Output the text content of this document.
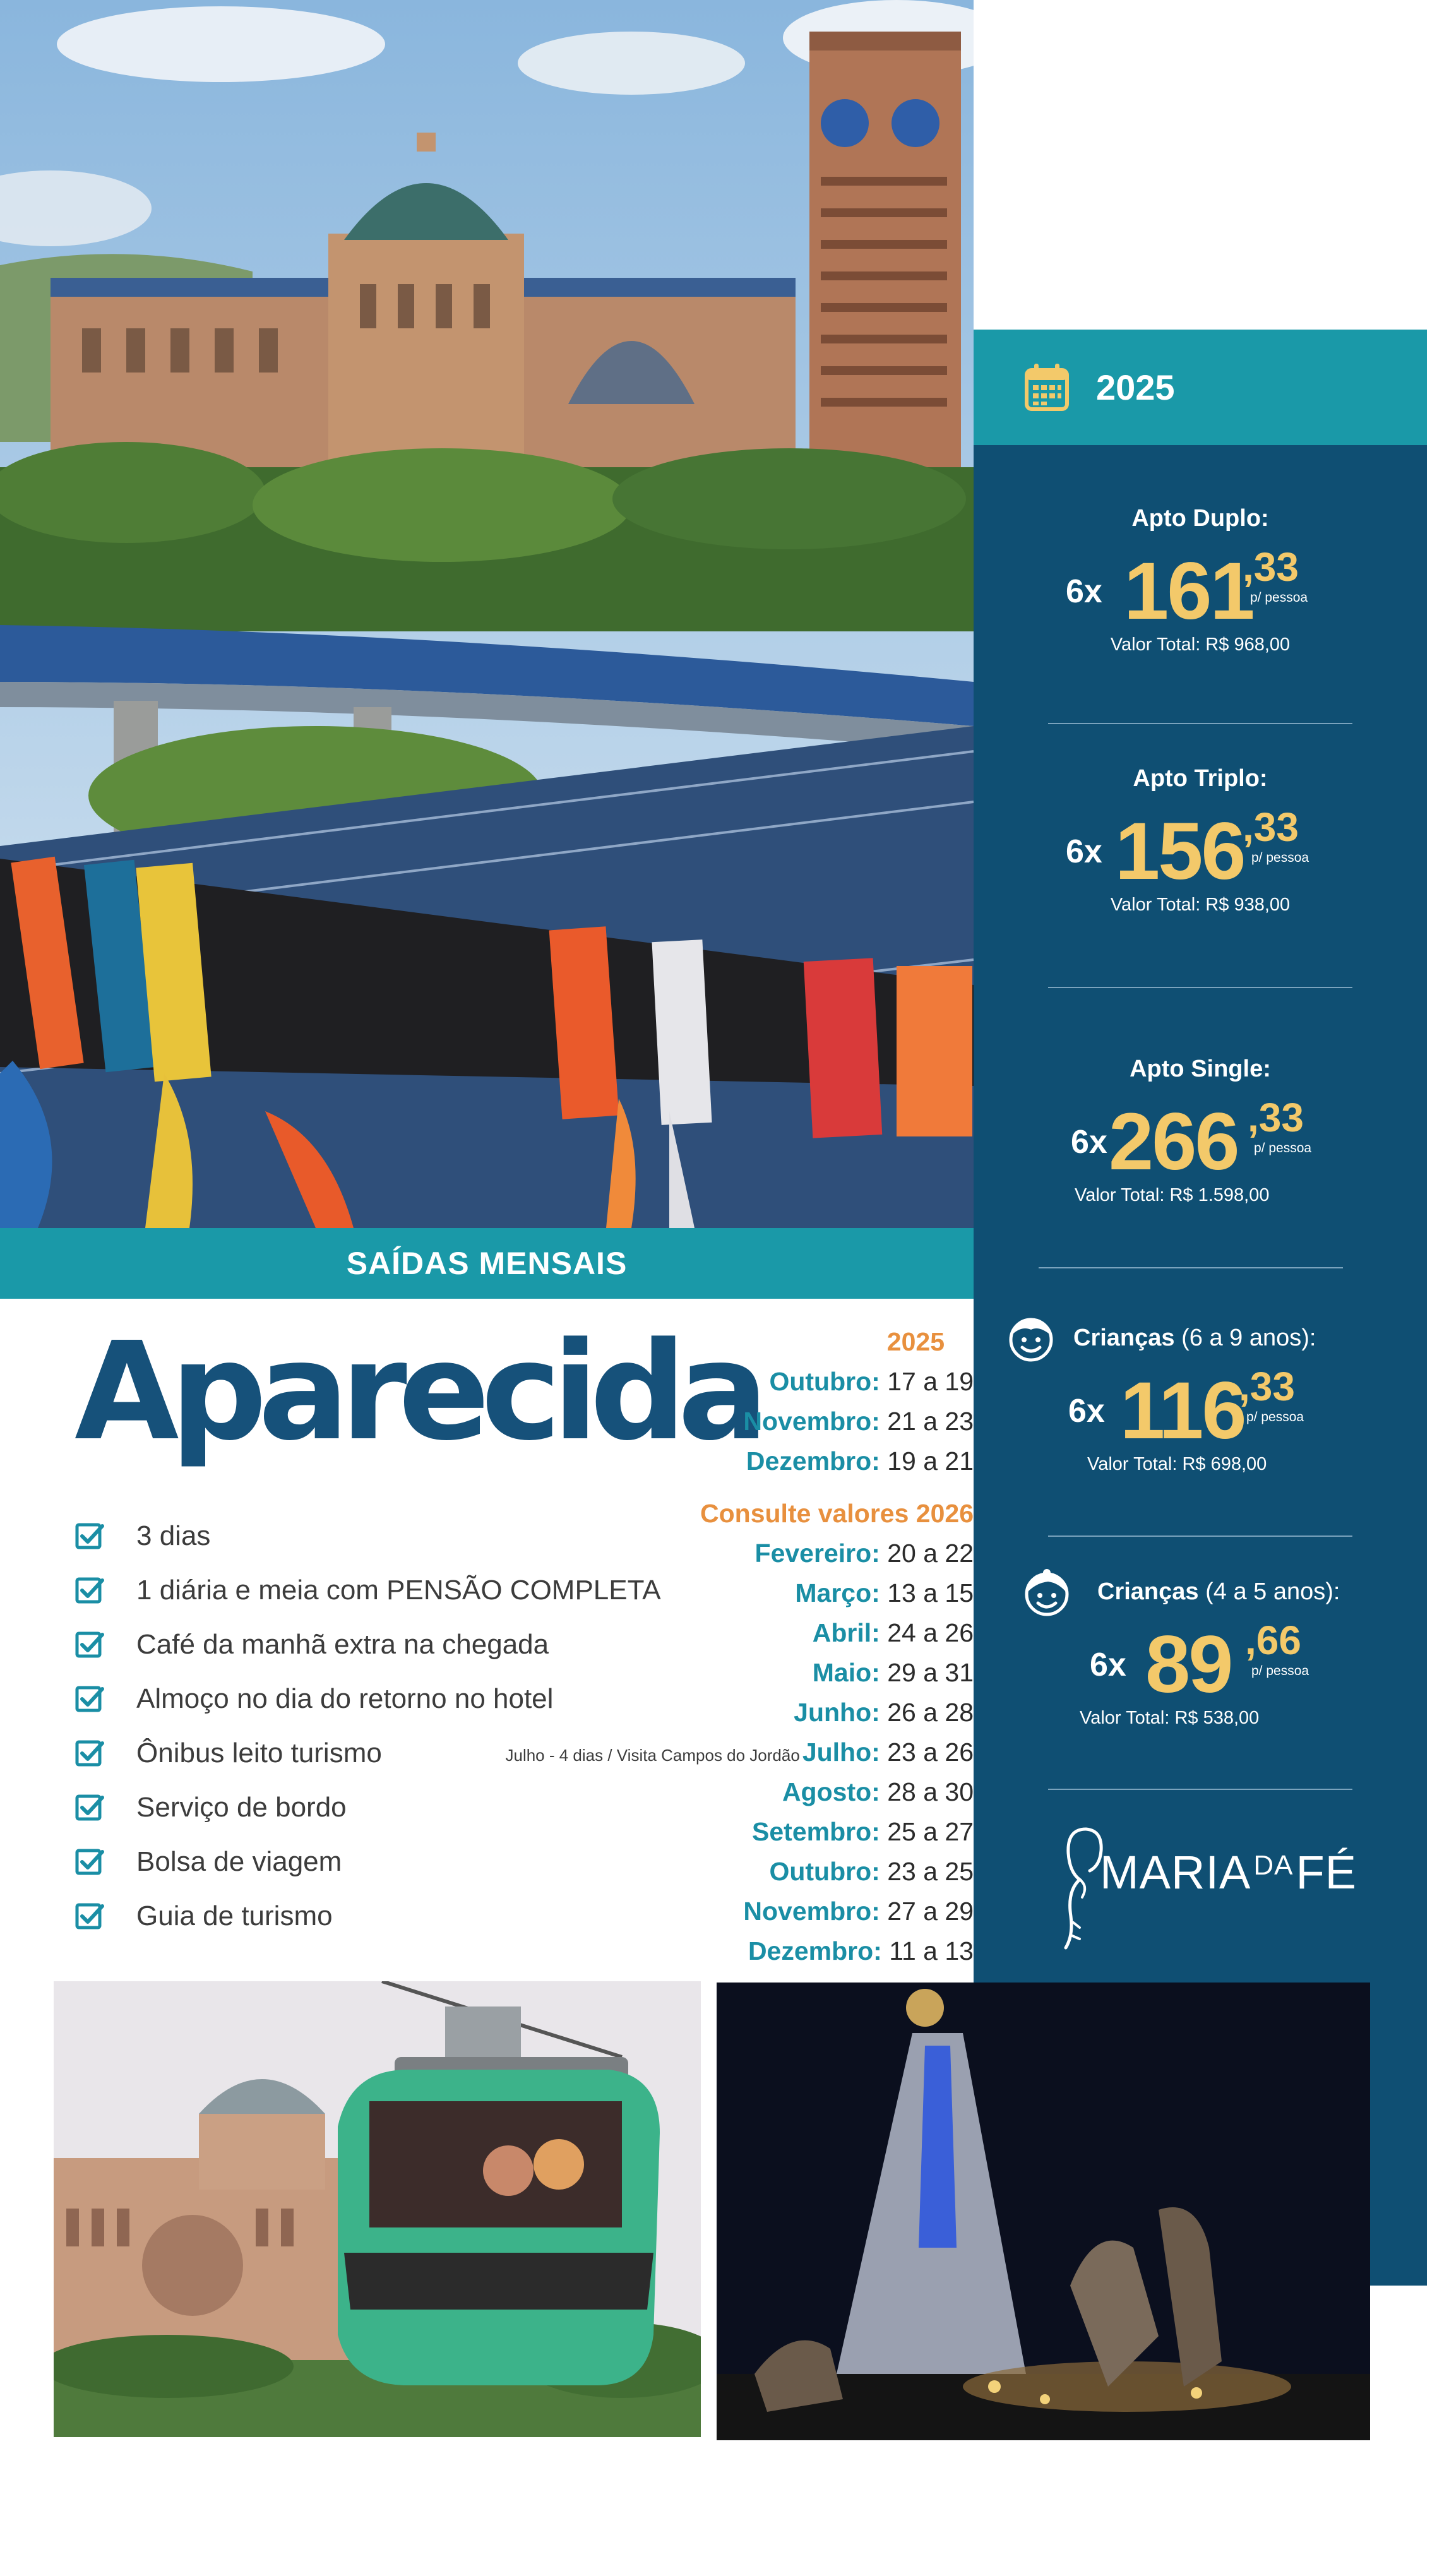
2025
Apto Duplo:
6x 161
,33
p/ pessoa
Valor Total: R$ 968,00
Apto Triplo:
6x 156
,33
p/ pessoa
Valor Total: R$ 938,00
Apto Single:
6x 266 ,33
p/ pessoa
Valor Total: R$ 1.598,00
Crianças (6 a 9 anos):
6x 116
,33
p/ pessoa
Valor Total: R$ 698,00
Crianças (4 a 5 anos):
6x 89 ,66
p/ pessoa
Valor Total: R$ 538,00
$MARIA^{DA}FÉ$
SAÍDAS MENSAIS
Aparecida
3 dias
1 diária e meia com PENSÃO COMPLETA
Café da manhã extra na chegada
Almoço no dia do retorno no hotel
Ônibus leito turismo
Serviço de bordo
Bolsa de viagem
Guia de turismo
2025
Outubro: 17 a 19
Novembro: 21 a 23
Dezembro: 19 a 21
Consulte valores 2026
Fevereiro: 20 a 22
Março: 13 a 15
Abril: 24 a 26
Maio: 29 a 31
Junho: 26 a 28
Julho - 4 dias / Visita Campos do JordãoJulho: 23 a 26
Agosto: 28 a 30
Setembro: 25 a 27
Outubro: 23 a 25
Novembro: 27 a 29
Dezembro: 11 a 13
